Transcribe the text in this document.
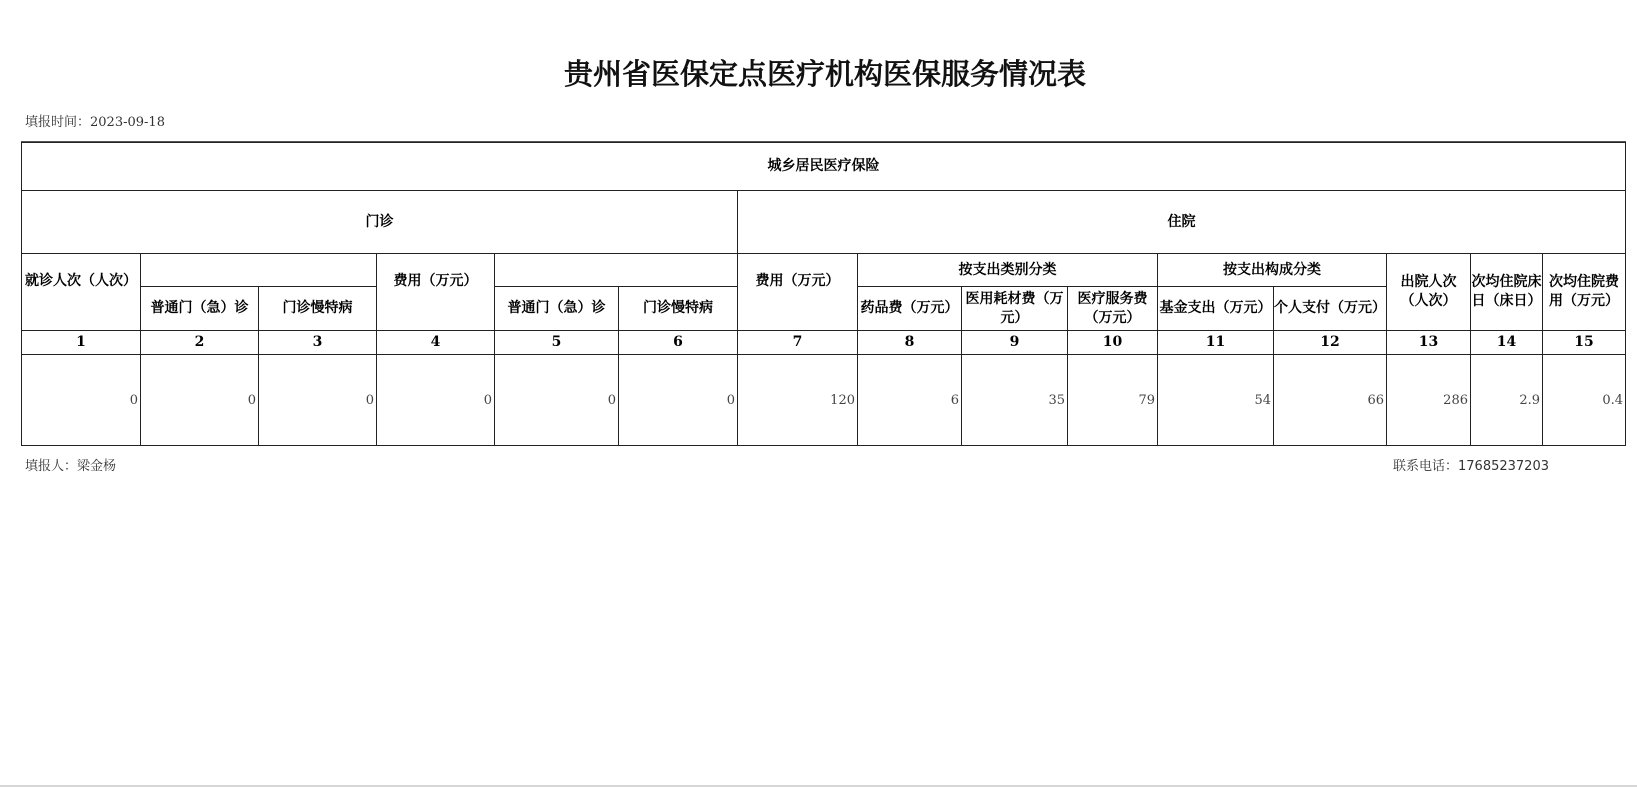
贵州省医保定点医疗机构医保服务情况表
填报时间：2023-09-18
城乡居民医疗保险														
门诊						住院								
就诊人次（人次）			费用（万元）			费用（万元）	按支出类别分类			按支出构成分类		出院人次（人次）	次均住院床日（床日）	次均住院费用（万元）
	普通门（急）诊	门诊慢特病		普通门（急）诊	门诊慢特病		药品费（万元）	医用耗材费（万元）	医疗服务费（万元）	基金支出（万元）	个人支付（万元）			
1	2	3	4	5	6	7	8	9	10	11	12	13	14	15
0	0	0	0	0	0	120	6	35	79	54	66	286	2.9	0.4
填报人：梁金杨	联系电话：17685237203
